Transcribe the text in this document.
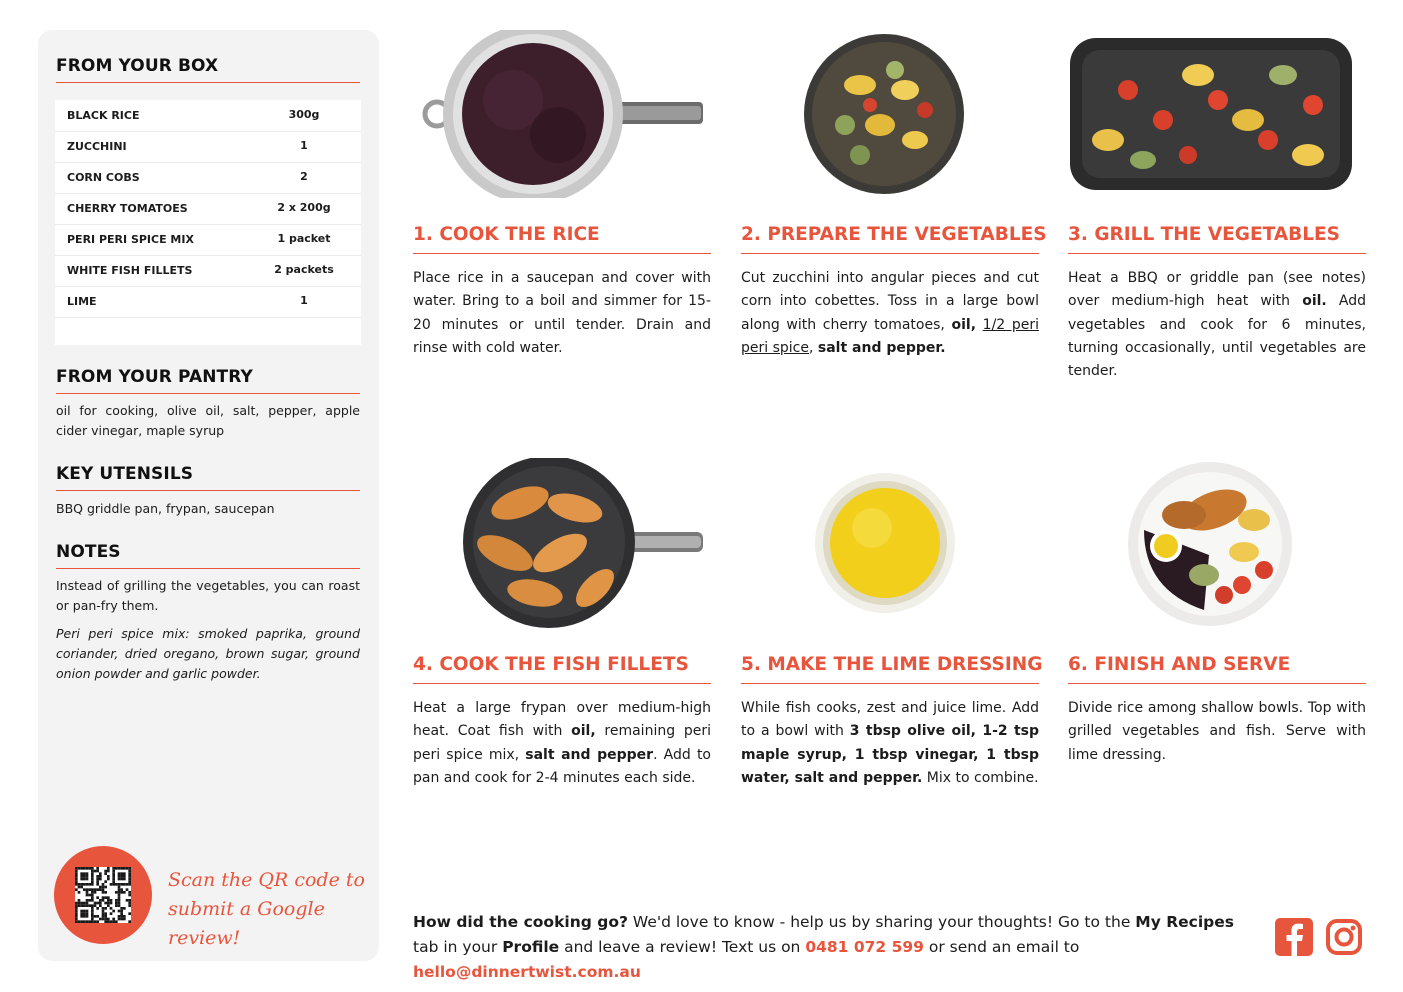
FROM YOUR BOX
BLACK RICE	300g
ZUCCHINI	1
CORN COBS	2
CHERRY TOMATOES	2 x 200g
PERI PERI SPICE MIX	1 packet
WHITE FISH FILLETS	2 packets
LIME	1
FROM YOUR PANTRY
oil for cooking, olive oil, salt, pepper, apple cider vinegar, maple syrup
KEY UTENSILS
BBQ griddle pan, frypan, saucepan
NOTES
Instead of grilling the vegetables, you can roast or pan-fry them.
Peri peri spice mix: smoked paprika, ground coriander, dried oregano, brown sugar, ground onion powder and garlic powder.
Scan the QR code to
submit a Google review!
1. COOK THE RICE
Place rice in a saucepan and cover with water. Bring to a boil and simmer for 15-20 minutes or until tender. Drain and rinse with cold water.
2. PREPARE THE VEGETABLES
Cut zucchini into angular pieces and cut corn into cobettes. Toss in a large bowl along with cherry tomatoes, oil, 1/2 peri peri spice, salt and pepper.
3. GRILL THE VEGETABLES
Heat a BBQ or griddle pan (see notes) over medium-high heat with oil. Add vegetables and cook for 6 minutes, turning occasionally, until vegetables are tender.
4. COOK THE FISH FILLETS
Heat a large frypan over medium-high heat. Coat fish with oil, remaining peri peri spice mix, salt and pepper. Add to pan and cook for 2-4 minutes each side.
5. MAKE THE LIME DRESSING
While fish cooks, zest and juice lime. Add to a bowl with 3 tbsp olive oil, 1-2 tsp maple syrup, 1 tbsp vinegar, 1 tbsp water, salt and pepper. Mix to combine.
6. FINISH AND SERVE
Divide rice among shallow bowls. Top with grilled vegetables and fish. Serve with lime dressing.
How did the cooking go? We'd love to know - help us by sharing your thoughts! Go to the My Recipes tab in your Profile and leave a review! Text us on 0481 072 599 or send an email to hello@dinnertwist.com.au
